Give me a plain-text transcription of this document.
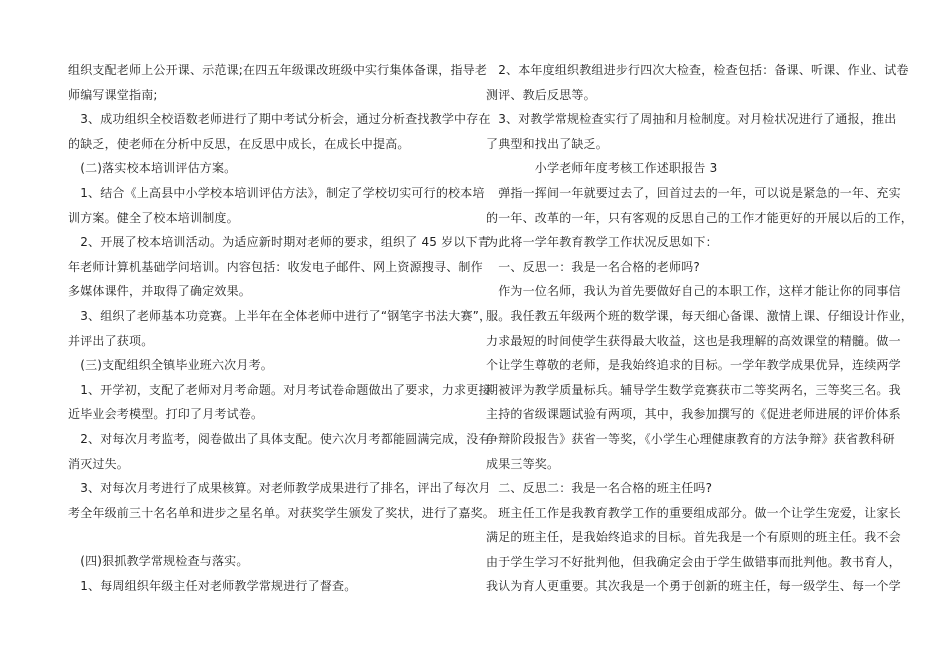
组织支配老师上公开课、示范课;在四五年级课改班级中实行集体备课，指导老
师编写课堂指南;
　3、成功组织全校语数老师进行了期中考试分析会，通过分析查找教学中存在
的缺乏，使老师在分析中反思，在反思中成长，在成长中提高。
　(二)落实校本培训评估方案。
　1、结合《上高县中小学校本培训评估方法》，制定了学校切实可行的校本培
训方案。健全了校本培训制度。
　2、开展了校本培训活动。为适应新时期对老师的要求，组织了 45 岁以下青
年老师计算机基础学问培训。内容包括：收发电子邮件、网上资源搜寻、制作
多媒体课件，并取得了确定效果。
　3、组织了老师基本功竞赛。上半年在全体老师中进行了“钢笔字书法大赛”，
并评出了获项。
　(三)支配组织全镇毕业班六次月考。
　1、开学初，支配了老师对月考命题。对月考试卷命题做出了要求，力求更接
近毕业会考模型。打印了月考试卷。
　2、对每次月考监考，阅卷做出了具体支配。使六次月考都能圆满完成，没有
消灭过失。
　3、对每次月考进行了成果核算。对老师教学成果进行了排名，评出了每次月
考全年级前三十名名单和进步之星名单。对获奖学生颁发了奖状，进行了嘉奖。
　(四)狠抓教学常规检查与落实。
　1、每周组织年级主任对老师教学常规进行了督查。
　2、本年度组织教组进步行四次大检查，检查包括：备课、听课、作业、试卷
测评、教后反思等。
　3、对教学常规检查实行了周抽和月检制度。对月检状况进行了通报，推出
了典型和找出了缺乏。
　　　　小学老师年度考核工作述职报告 3
　弹指一挥间一年就要过去了，回首过去的一年，可以说是紧急的一年、充实
的一年、改革的一年，只有客观的反思自己的工作才能更好的开展以后的工作，
为此将一学年教育教学工作状况反思如下：
　一、反思一：我是一名合格的老师吗?
　作为一位名师，我认为首先要做好自己的本职工作，这样才能让你的同事信
服。我任教五年级两个班的数学课，每天细心备课、激情上课、仔细设计作业，
力求最短的时间使学生获得最大收益，这也是我理解的高效课堂的精髓。做一
个让学生尊敬的老师，是我始终追求的目标。一学年教学成果优异，连续两学
期被评为教学质量标兵。辅导学生数学竞赛获市二等奖两名，三等奖三名。我
主持的省级课题试验有两项，其中，我参加撰写的《促进老师进展的评价体系
争辩阶段报告》获省一等奖，《小学生心理健康教育的方法争辩》获省教科研
成果三等奖。
　二、反思二：我是一名合格的班主任吗?
　班主任工作是我教育教学工作的重要组成部分。做一个让学生宠爱，让家长
满足的班主任，是我始终追求的目标。首先我是一个有原则的班主任。我不会
由于学生学习不好批判他，但我确定会由于学生做错事而批判他。教书育人，
我认为育人更重要。其次我是一个勇于创新的班主任，每一级学生、每一个学
